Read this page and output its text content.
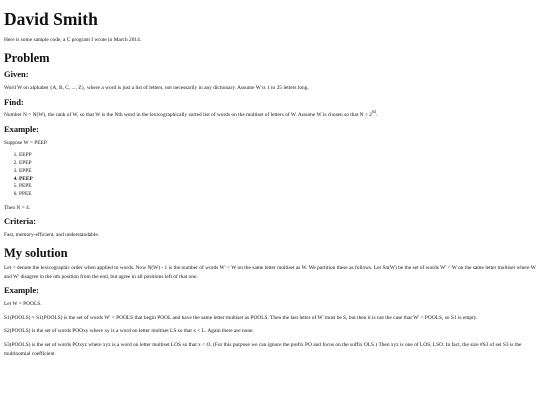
David Smith

Here is some sample code, a C program I wrote in March 2014.

Problem
Given:

Word W on alphabet {A, B, C, ..., Z}, where a word is just a list of letters, not necessarily in any dictionary. Assume W is 1 to 25 letters long.

Find:

Number N = N(W), the rank of W, so that W is the Nth word in the lexicographically sorted list of words on the multiset of letters of W. Assume W is chosen so that $N < 2^{64}$.

Example:

Suppose W = PEEP.

1. EEPP
2. EPEP
3. EPPE
4. PEEP
5. PEPE
6. PPEE

Then N = 4.

Criteria:

Fast, memory-efficient, and understandable.

My solution

Let < denote the lexicographic order when applied to words. Now N(W) - 1 is the number of words W' < W on the same letter multiset as W. We partition these as follows. Let Sn(W) be the set of words W' < W on the same letter multiset where W and W' disagree in the nth position from the end, but agree in all positions left of that one.

Example:

Let W = POOLS.

S1(POOLS) = S1(POOLS) is the set of words W' < POOLS that begin POOL and have the same letter multiset as POOLS. Then the last letter of W' must be S, but then it is not the case that W' < POOLS, so S1 is empty.

S2(POOLS) is the set of words POOxy where xy is a word on letter multiset LS so that x < L. Again there are none.

S3(POOLS) is the set of words POxyz where xyz is a word on letter multiset LOS so that x < O. (For this purpose we can ignore the prefix PO and focus on the suffix OLS.) Then xyz is one of LOS, LSO. In fact, the size #S3 of set S3 is the multinomial coefficient
